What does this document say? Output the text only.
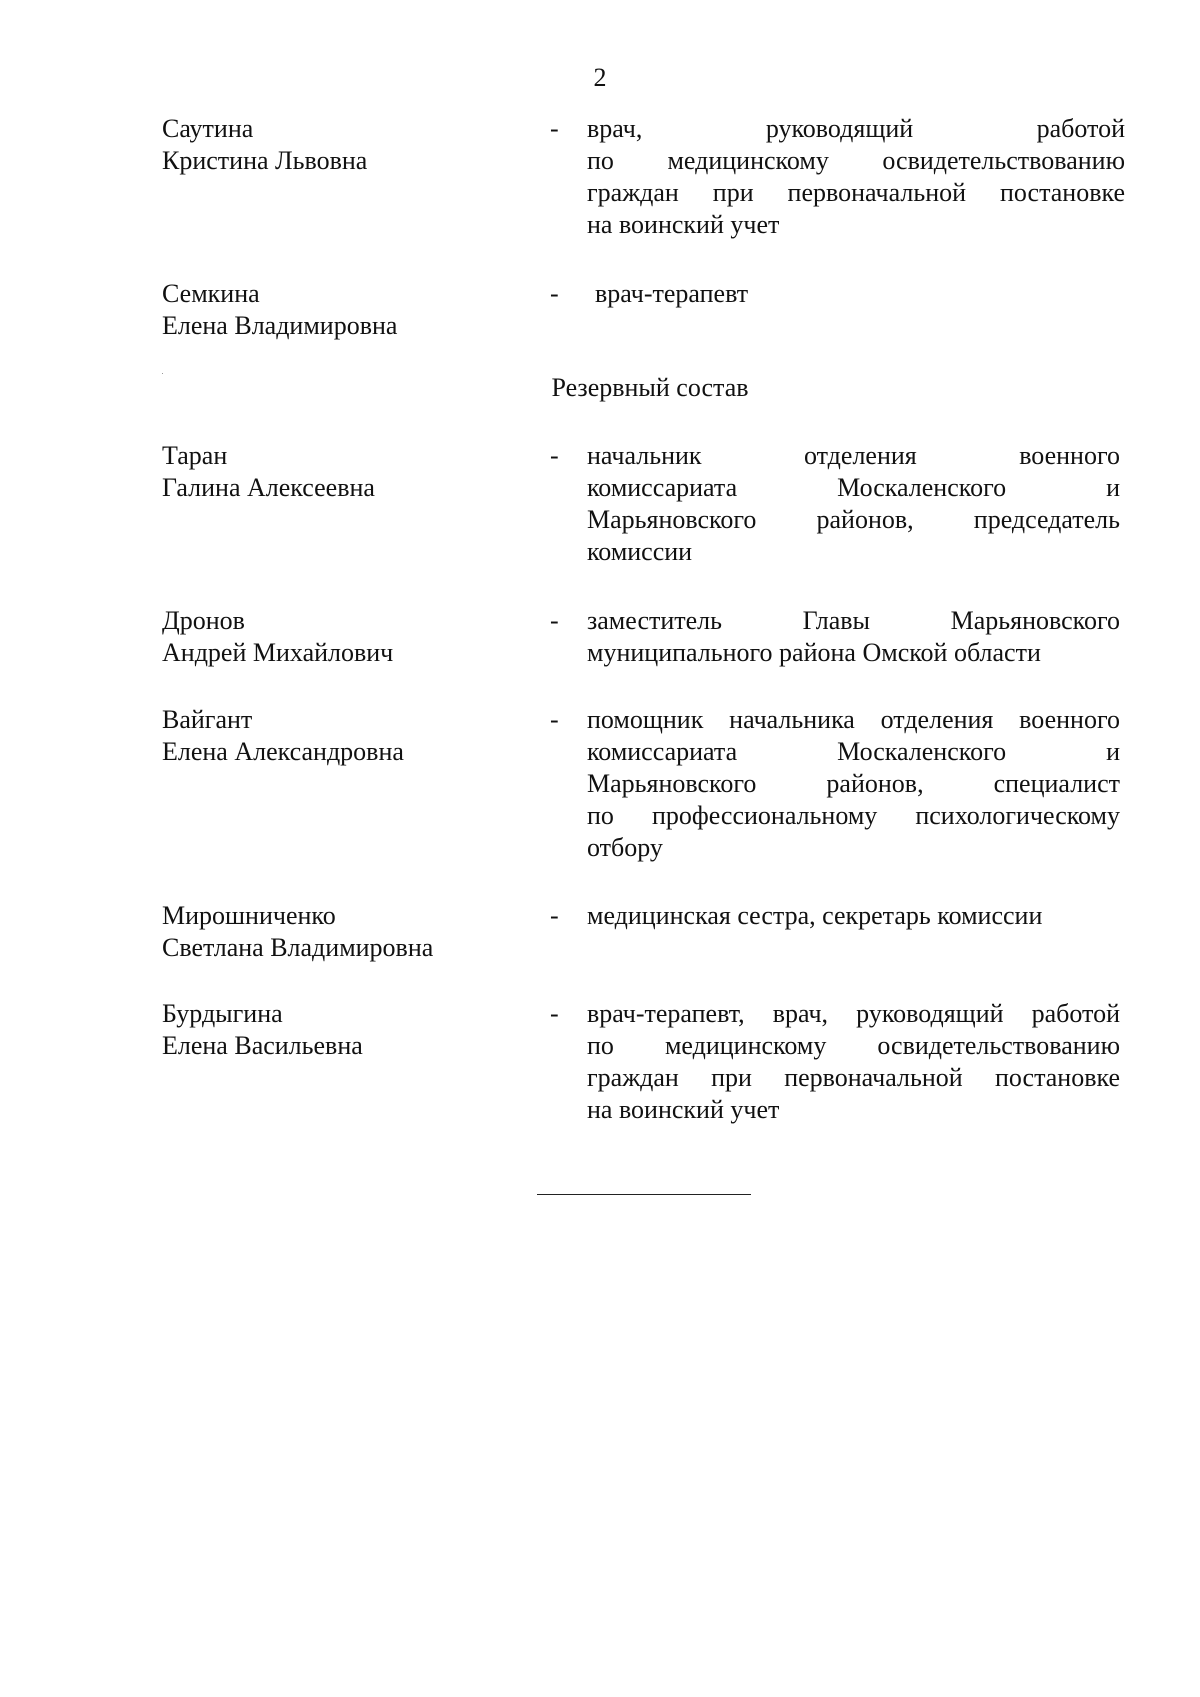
2
Саутина
Кристина Львовна
- врач, руководящий работой
по медицинскому освидетельствованию
граждан при первоначальной постановке
на воинский учет
Семкина
Елена Владимировна
- врач-терапевт
Резервный состав
Таран
Галина Алексеевна
- начальник отделения военного
комиссариата Москаленского и
Марьяновского районов, председатель
комиссии
Дронов
Андрей Михайлович
- заместитель Главы Марьяновского
муниципального района Омской области
Вайгант
Елена Александровна
- помощник начальника отделения военного
комиссариата Москаленского и
Марьяновского районов, специалист
по профессиональному психологическому
отбору
Мирошниченко
Светлана Владимировна
- медицинская сестра, секретарь комиссии
Бурдыгина
Елена Васильевна
- врач-терапевт, врач, руководящий работой
по медицинскому освидетельствованию
граждан при первоначальной постановке
на воинский учет
